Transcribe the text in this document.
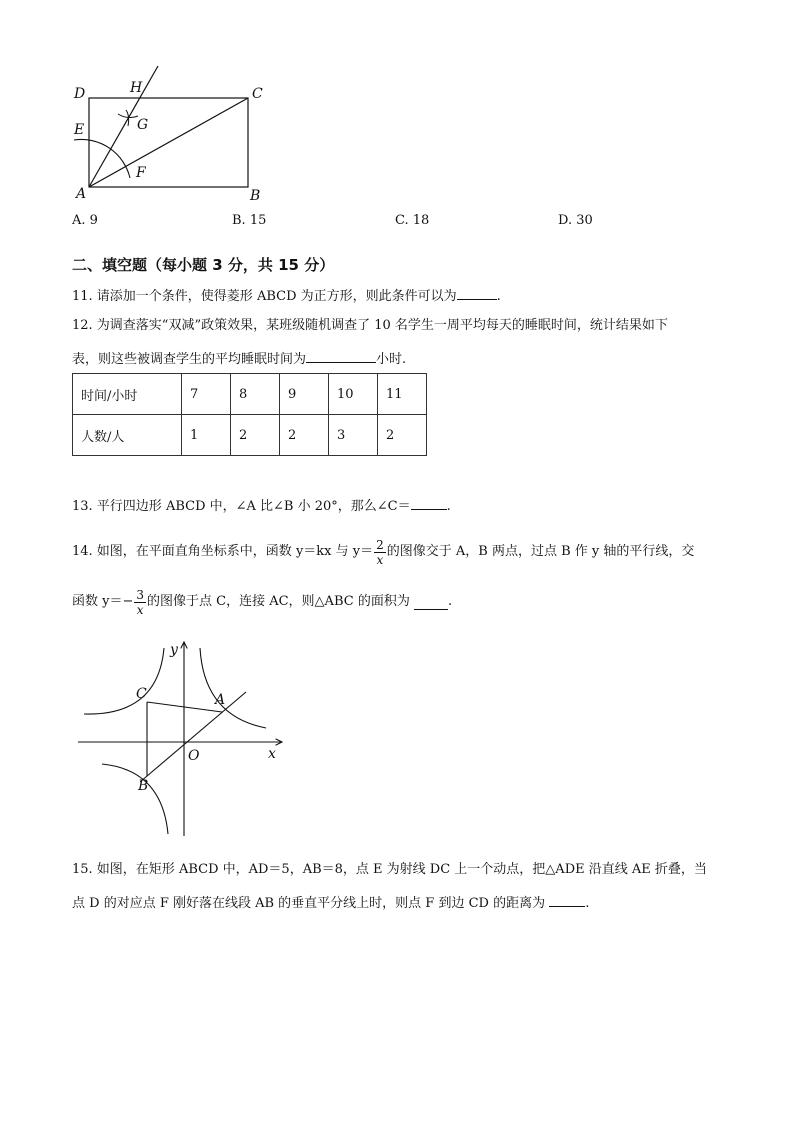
D	H	C
E	G
F
A	B
A. 9	B. 15	C. 18	D. 30
二、填空题（每小题 3 分，共 15 分）
11. 请添加一个条件，使得菱形 ABCD 为正方形，则此条件可以为	.
12. 为调查落实“双减”政策效果，某班级随机调查了 10 名学生一周平均每天的睡眠时间，统计结果如下
表，则这些被调查学生的平均睡眠时间为	小时.
时间/小时	7	8	9	10	11
人数/人	1	2	2	3	2
13. 平行四边形 ABCD 中，∠A 比∠B 小 20°，那么∠C＝	.
14. 如图，在平面直角坐标系中，函数 y＝kx 与 $y= \frac{2}{x}$ 的图像交于 A，B 两点，过点 B 作 y 轴的平行线，交
函数 $y=- \frac{3}{x}$ 的图像于点 C，连接 AC，则△ABC 的面积为
	.
y
x
O
A
B
C
15. 如图，在矩形 ABCD 中，AD＝5，AB＝8，点 E 为射线 DC 上一个动点，把△ADE 沿直线 AE 折叠，当
点 D 的对应点 F 刚好落在线段 AB 的垂直平分线上时，则点 F 到边 CD 的距离为	.
